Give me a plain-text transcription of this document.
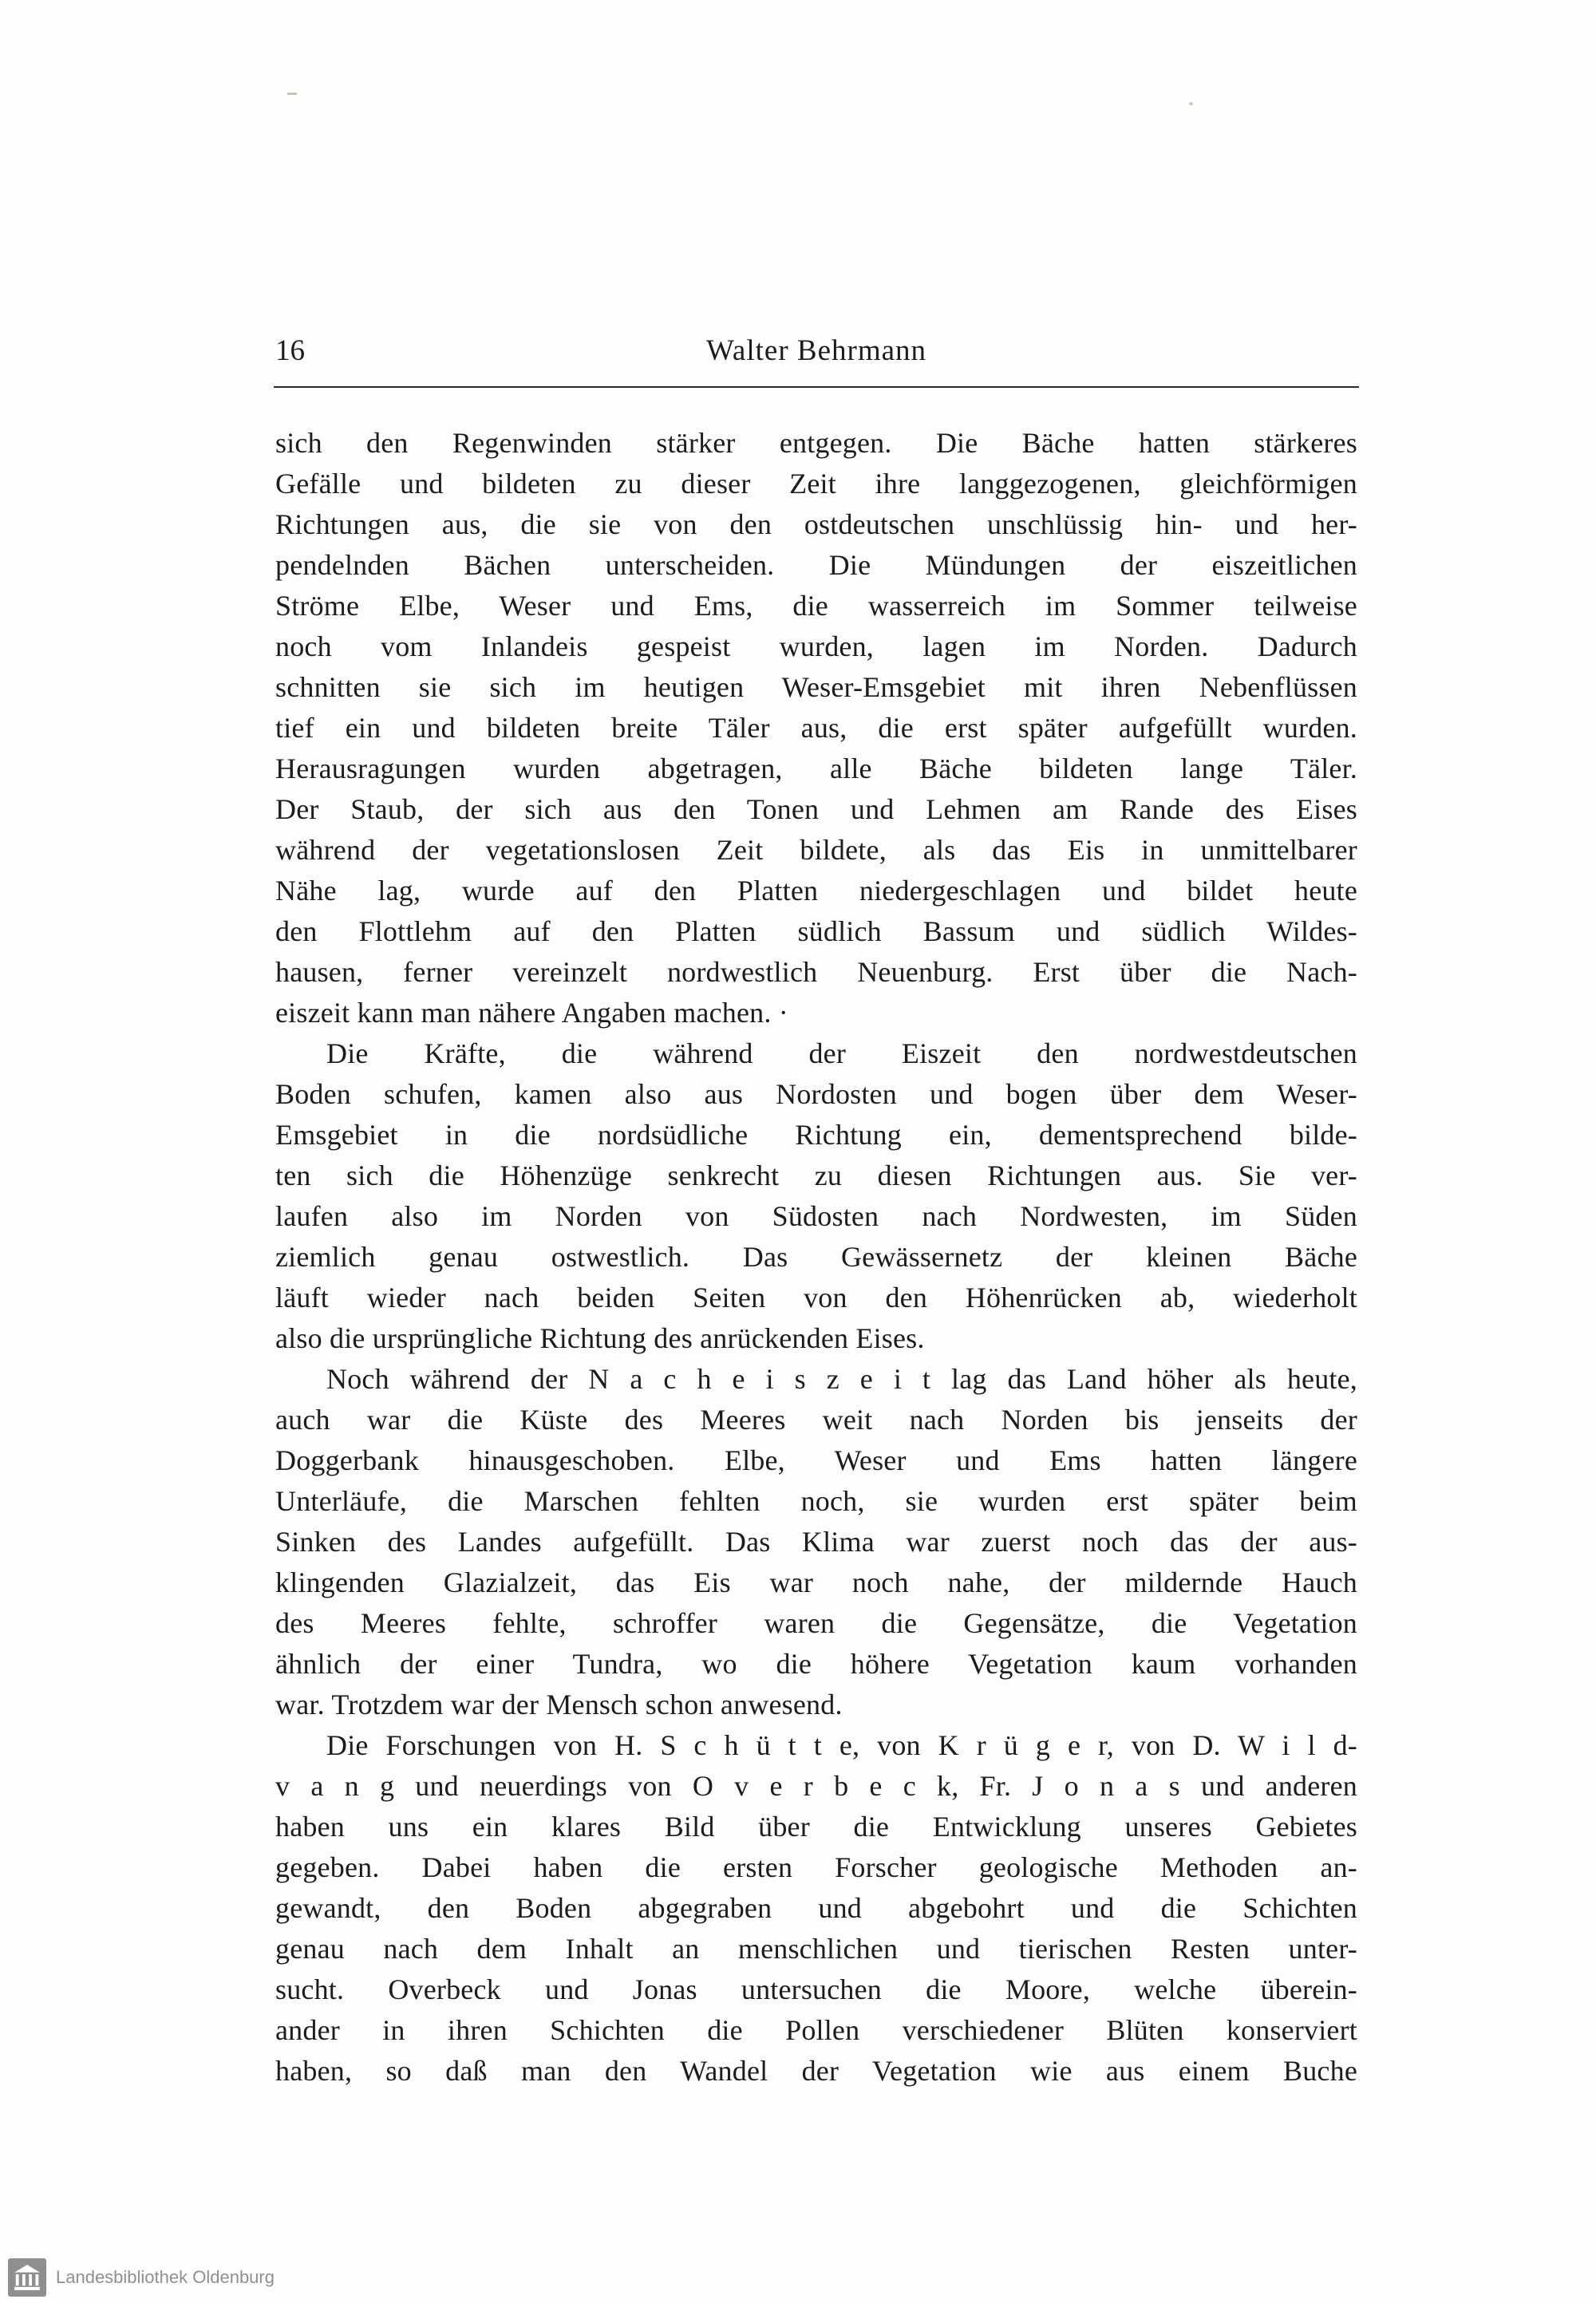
16	Walter Behrmann
sich den Regenwinden stärker entgegen. Die Bäche hatten stärkeres
Gefälle und bildeten zu dieser Zeit ihre langgezogenen, gleichförmigen
Richtungen aus, die sie von den ostdeutschen unschlüssig hin- und her-
pendelnden Bächen unterscheiden. Die Mündungen der eiszeitlichen
Ströme Elbe, Weser und Ems, die wasserreich im Sommer teilweise
noch vom Inlandeis gespeist wurden, lagen im Norden. Dadurch
schnitten sie sich im heutigen Weser-Emsgebiet mit ihren Nebenflüssen
tief ein und bildeten breite Täler aus, die erst später aufgefüllt wurden.
Herausragungen wurden abgetragen, alle Bäche bildeten lange Täler.
Der Staub, der sich aus den Tonen und Lehmen am Rande des Eises
während der vegetationslosen Zeit bildete, als das Eis in unmittelbarer
Nähe lag, wurde auf den Platten niedergeschlagen und bildet heute
den Flottlehm auf den Platten südlich Bassum und südlich Wildes-
hausen, ferner vereinzelt nordwestlich Neuenburg. Erst über die Nach-
eiszeit kann man nähere Angaben machen. ·
Die Kräfte, die während der Eiszeit den nordwestdeutschen
Boden schufen, kamen also aus Nordosten und bogen über dem Weser-
Emsgebiet in die nordsüdliche Richtung ein, dementsprechend bilde-
ten sich die Höhenzüge senkrecht zu diesen Richtungen aus. Sie ver-
laufen also im Norden von Südosten nach Nordwesten, im Süden
ziemlich genau ostwestlich. Das Gewässernetz der kleinen Bäche
läuft wieder nach beiden Seiten von den Höhenrücken ab, wiederholt
also die ursprüngliche Richtung des anrückenden Eises.
Noch während der N a c h e i s z e i t lag das Land höher als heute,
auch war die Küste des Meeres weit nach Norden bis jenseits der
Doggerbank hinausgeschoben. Elbe, Weser und Ems hatten längere
Unterläufe, die Marschen fehlten noch, sie wurden erst später beim
Sinken des Landes aufgefüllt. Das Klima war zuerst noch das der aus-
klingenden Glazialzeit, das Eis war noch nahe, der mildernde Hauch
des Meeres fehlte, schroffer waren die Gegensätze, die Vegetation
ähnlich der einer Tundra, wo die höhere Vegetation kaum vorhanden
war. Trotzdem war der Mensch schon anwesend.
Die Forschungen von H. S c h ü t t e, von K r ü g e r, von D. W i l d-
v a n g und neuerdings von O v e r b e c k, Fr. J o n a s und anderen
haben uns ein klares Bild über die Entwicklung unseres Gebietes
gegeben. Dabei haben die ersten Forscher geologische Methoden an-
gewandt, den Boden abgegraben und abgebohrt und die Schichten
genau nach dem Inhalt an menschlichen und tierischen Resten unter-
sucht. Overbeck und Jonas untersuchen die Moore, welche überein-
ander in ihren Schichten die Pollen verschiedener Blüten konserviert
haben, so daß man den Wandel der Vegetation wie aus einem Buche
Landesbibliothek Oldenburg
